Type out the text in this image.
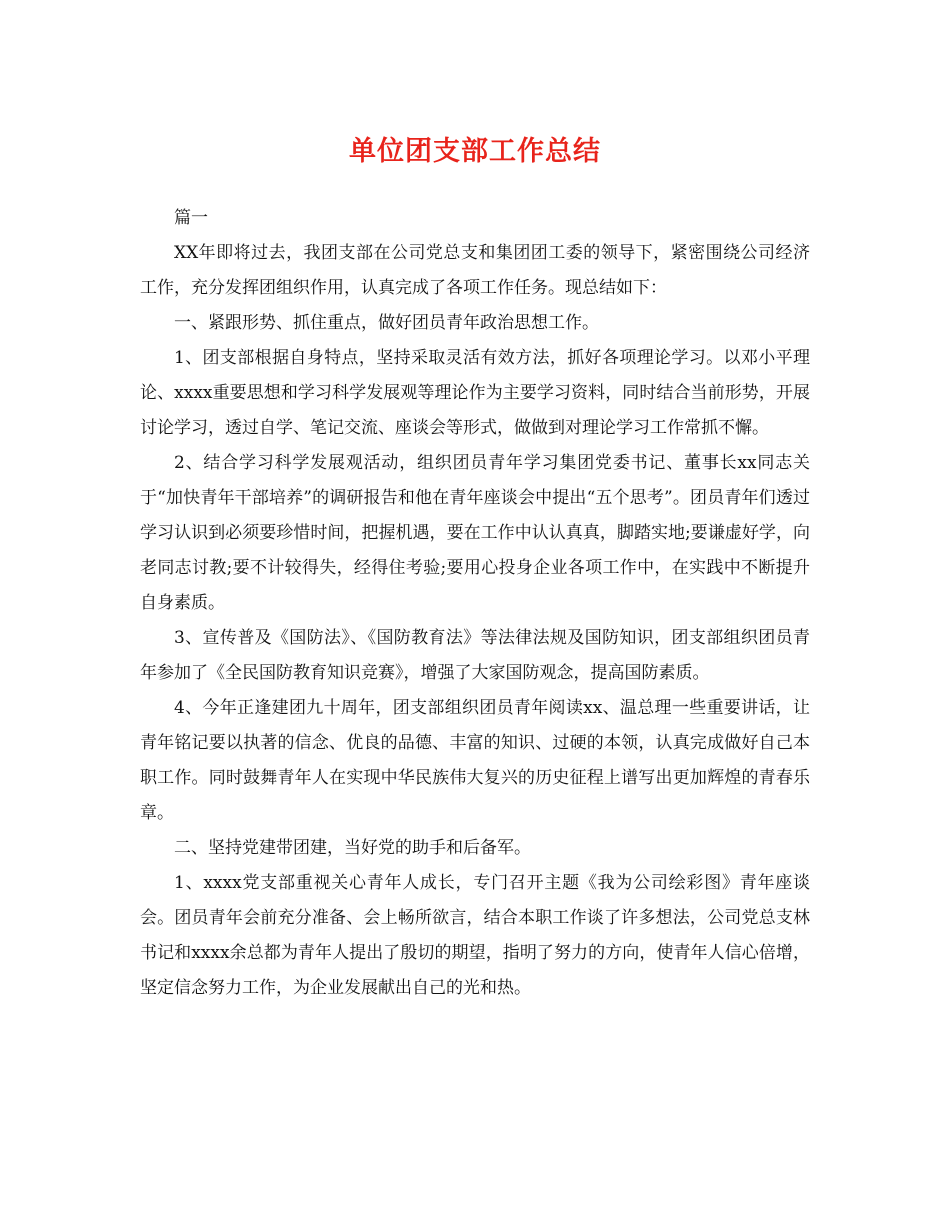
单位团支部工作总结

篇一

XX年即将过去，我团支部在公司党总支和集团团工委的领导下，紧密围绕公司经济工作，充分发挥团组织作用，认真完成了各项工作任务。现总结如下：

一、紧跟形势、抓住重点，做好团员青年政治思想工作。

1、团支部根据自身特点，坚持采取灵活有效方法，抓好各项理论学习。以邓小平理论、xxxx重要思想和学习科学发展观等理论作为主要学习资料，同时结合当前形势，开展讨论学习，透过自学、笔记交流、座谈会等形式，做做到对理论学习工作常抓不懈。

2、结合学习科学发展观活动，组织团员青年学习集团党委书记、董事长xx同志关于“加快青年干部培养”的调研报告和他在青年座谈会中提出“五个思考”。团员青年们透过学习认识到必须要珍惜时间，把握机遇，要在工作中认认真真，脚踏实地;要谦虚好学，向老同志讨教;要不计较得失，经得住考验;要用心投身企业各项工作中，在实践中不断提升自身素质。

3、宣传普及《国防法》、《国防教育法》等法律法规及国防知识，团支部组织团员青年参加了《全民国防教育知识竞赛》，增强了大家国防观念，提高国防素质。

4、今年正逢建团九十周年，团支部组织团员青年阅读xx、温总理一些重要讲话，让青年铭记要以执著的信念、优良的品德、丰富的知识、过硬的本领，认真完成做好自己本职工作。同时鼓舞青年人在实现中华民族伟大复兴的历史征程上谱写出更加辉煌的青春乐章。

二、坚持党建带团建，当好党的助手和后备军。

1、xxxx党支部重视关心青年人成长，专门召开主题《我为公司绘彩图》青年座谈会。团员青年会前充分准备、会上畅所欲言，结合本职工作谈了许多想法，公司党总支林书记和xxxx余总都为青年人提出了殷切的期望，指明了努力的方向，使青年人信心倍增，坚定信念努力工作，为企业发展献出自己的光和热。
